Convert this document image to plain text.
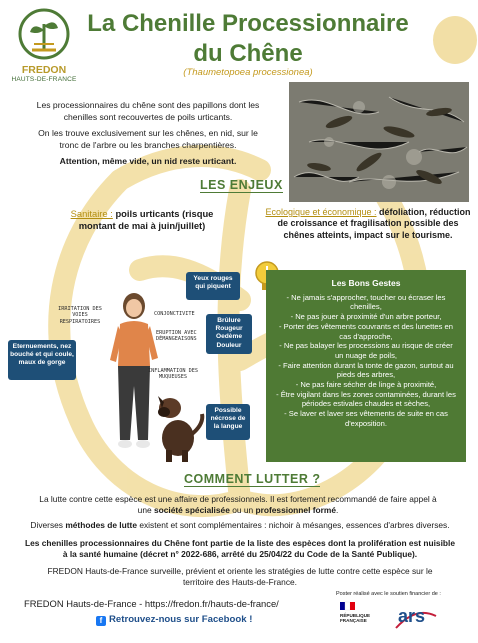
FREDON
HAUTS-DE-FRANCE
La Chenille Processionnaire
du Chêne
(Thaumetopoea processionea)

Les processionnaires du chêne sont des papillons dont les chenilles sont recouvertes de poils urticants.

On les trouve exclusivement sur les chênes, en nid, sur le tronc de l'arbre ou les branches charpentières.

Attention, même vide, un nid reste urticant.

LES ENJEUX
Sanitaire : poils urticants (risque montant de mai à juin/juillet)
Ecologique et économique : défoliation, réduction de croissance et fragilisation possible des chênes atteints, impact sur le tourisme.
IRRITATION DES VOIES RESPIRATOIRES
CONJONCTIVITE
ERUPTION AVEC DÉMANGEAISONS
INFLAMMATION DES MUQUEUSES
Yeux rouges qui piquent
Brûlure Rougeur Oedème Douleur
Eternuements, nez bouché et qui coule, maux de gorge
Possible nécrose de la langue
Les Bons Gestes
- Ne jamais s'approcher, toucher ou écraser les chenilles,
- Ne pas jouer à proximité d'un arbre porteur,
- Porter des vêtements couvrants et des lunettes en cas d'approche,
- Ne pas balayer les processions au risque de créer un nuage de poils,
- Faire attention durant la tonte de gazon, surtout au pieds des arbres,
- Ne pas faire sécher de linge à proximité,
- Être vigilant dans les zones contaminées, durant les périodes estivales chaudes et sèches,
- Se laver et laver ses vêtements de suite en cas d'exposition.
COMMENT LUTTER ?
La lutte contre cette espèce est une affaire de professionnels. Il est fortement recommandé de faire appel à une société spécialisée ou un professionnel formé.
Diverses méthodes de lutte existent et sont complémentaires : nichoir à mésanges, essences d'arbres diverses.
Les chenilles processionnaires du Chêne font partie de la liste des espèces dont la prolifération est nuisible à la santé humaine (décret n° 2022-686, arrêté du 25/04/22 du Code de la Santé Publique).
FREDON Hauts-de-France surveille, prévient et oriente les stratégies de lutte contre cette espèce sur le territoire des Hauts-de-France.
FREDON Hauts-de-France - https://fredon.fr/hauts-de-france/
f Retrouvez-nous sur Facebook !
Poster réalisé avec le soutien financier de :
RÉPUBLIQUE FRANÇAISE	ars
